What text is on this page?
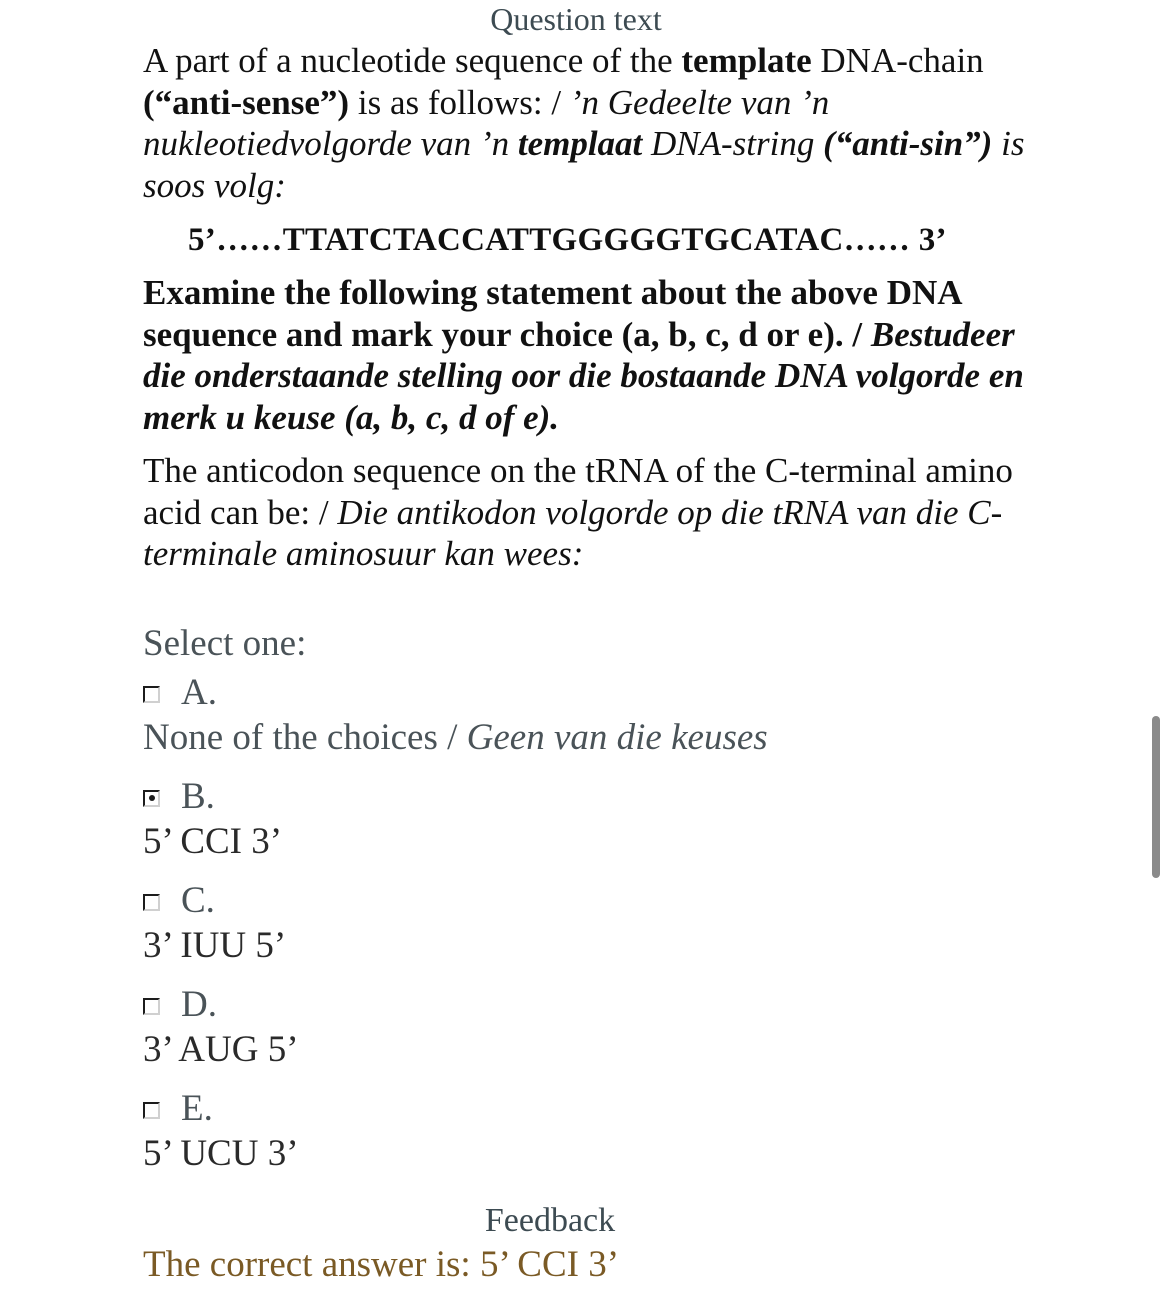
Question text

A part of a nucleotide sequence of the template DNA-chain (“anti-sense”) is as follows: / ’n Gedeelte van ’n nukleotiedvolgorde van ’n templaat DNA-string (“anti-sin”) is soos volg:

5’……TTATCTACCATTGGGGGTGCATAC…… 3’

Examine the following statement about the above DNA sequence and mark your choice (a, b, c, d or e). / Bestudeer die onderstaande stelling oor die bostaande DNA volgorde en merk u keuse (a, b, c, d of e).

The anticodon sequence on the tRNA of the C-terminal amino acid can be: / Die antikodon volgorde op die tRNA van die C-terminale aminosuur kan wees:

Select one:

A.

None of the choices / Geen van die keuses

B.

5’ CCI 3’

C.

3’ IUU 5’

D.

3’ AUG 5’

E.

5’ UCU 3’

Feedback
The correct answer is: 5’ CCI 3’
